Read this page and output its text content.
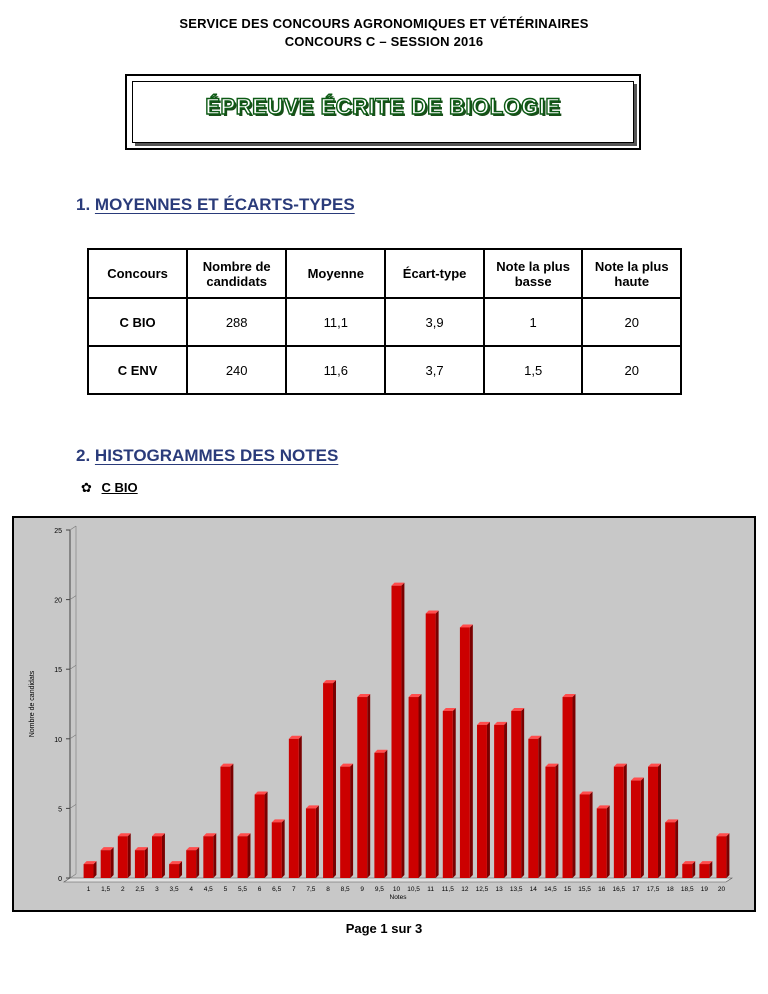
SERVICE DES CONCOURS AGRONOMIQUES ET VÉTÉRINAIRES
CONCOURS C – SESSION 2016
ÉPREUVE ÉCRITE DE BIOLOGIE
1. MOYENNES ET ÉCARTS-TYPES
Concours	Nombre de candidats	Moyenne	Écart-type	Note la plus basse	Note la plus haute
C BIO	288	11,1	3,9	1	20
C ENV	240	11,6	3,7	1,5	20
2. HISTOGRAMMES DES NOTES
✿ C BIO
0
5
10
15
20
25
Nombre de candidats
1 1,5 2 2,5 3 3,5 4 4,5 5 5,5 6 6,5 7 7,5 8 8,5 9 9,5 10 10,5 11 11,5 12 12,5 13 13,5 14 14,5 15 15,5 16 16,5 17 17,5 18 18,5 19 20
Notes
Page 1 sur 3
